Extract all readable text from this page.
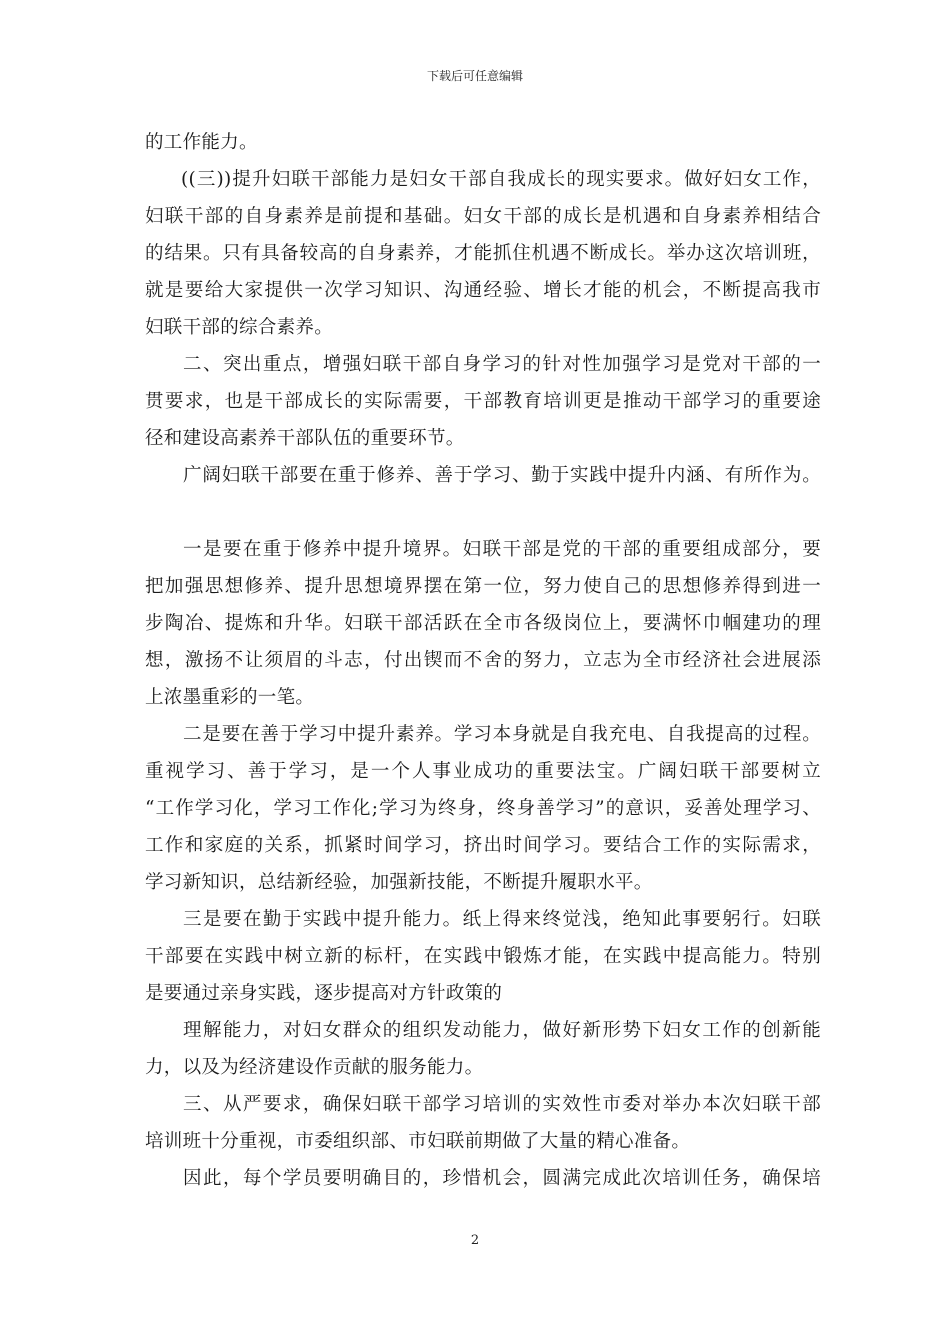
下载后可任意编辑
的工作能力。
((三))提升妇联干部能力是妇女干部自我成长的现实要求。做好妇女工作，
妇联干部的自身素养是前提和基础。妇女干部的成长是机遇和自身素养相结合
的结果。只有具备较高的自身素养，才能抓住机遇不断成长。举办这次培训班，
就是要给大家提供一次学习知识、沟通经验、增长才能的机会，不断提高我市
妇联干部的综合素养。
二、突出重点，增强妇联干部自身学习的针对性加强学习是党对干部的一
贯要求，也是干部成长的实际需要，干部教育培训更是推动干部学习的重要途
径和建设高素养干部队伍的重要环节。
广阔妇联干部要在重于修养、善于学习、勤于实践中提升内涵、有所作为。
一是要在重于修养中提升境界。妇联干部是党的干部的重要组成部分，要
把加强思想修养、提升思想境界摆在第一位，努力使自己的思想修养得到进一
步陶冶、提炼和升华。妇联干部活跃在全市各级岗位上，要满怀巾帼建功的理
想，激扬不让须眉的斗志，付出锲而不舍的努力，立志为全市经济社会进展添
上浓墨重彩的一笔。
二是要在善于学习中提升素养。学习本身就是自我充电、自我提高的过程。
重视学习、善于学习，是一个人事业成功的重要法宝。广阔妇联干部要树立
“工作学习化，学习工作化;学习为终身，终身善学习”的意识，妥善处理学习、
工作和家庭的关系，抓紧时间学习，挤出时间学习。要结合工作的实际需求，
学习新知识，总结新经验，加强新技能，不断提升履职水平。
三是要在勤于实践中提升能力。纸上得来终觉浅，绝知此事要躬行。妇联
干部要在实践中树立新的标杆，在实践中锻炼才能，在实践中提高能力。特别
是要通过亲身实践，逐步提高对方针政策的
理解能力，对妇女群众的组织发动能力，做好新形势下妇女工作的创新能
力，以及为经济建设作贡献的服务能力。
三、从严要求，确保妇联干部学习培训的实效性市委对举办本次妇联干部
培训班十分重视，市委组织部、市妇联前期做了大量的精心准备。
因此，每个学员要明确目的，珍惜机会，圆满完成此次培训任务，确保培
2
